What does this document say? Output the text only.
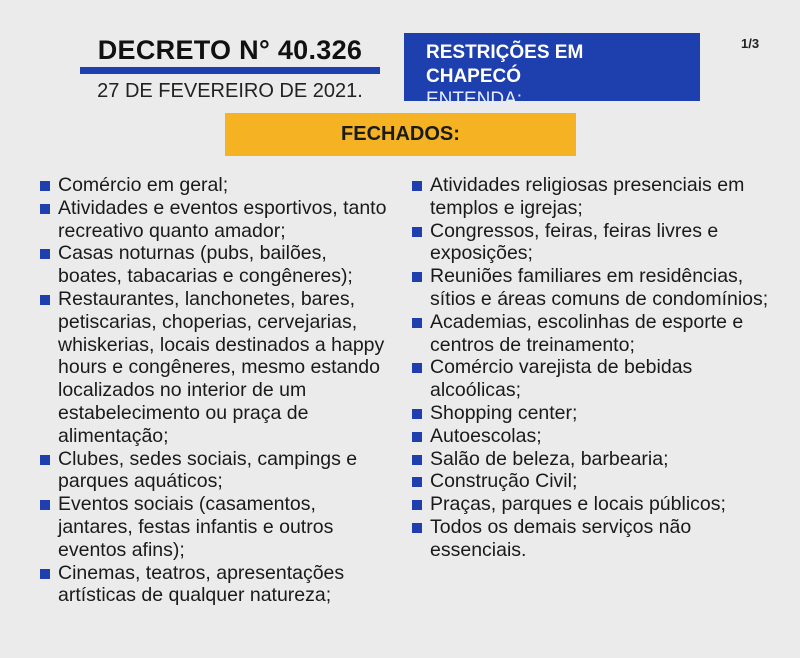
DECRETO N° 40.326
27 DE FEVEREIRO DE 2021.
RESTRIÇÕES EM CHAPECÓ
ENTENDA:
1/3
FECHADOS:
Comércio em geral;
Atividades e eventos esportivos, tanto recreativo quanto amador;
Casas noturnas (pubs, bailões, boates, tabacarias e congêneres);
Restaurantes, lanchonetes, bares, petiscarias, choperias, cervejarias, whiskerias, locais destinados a happy hours e congêneres, mesmo estando localizados no interior de um estabelecimento ou praça de alimentação;
Clubes, sedes sociais, campings e parques aquáticos;
Eventos sociais (casamentos, jantares, festas infantis e outros eventos afins);
Cinemas, teatros, apresentações artísticas de qualquer natureza;
Atividades religiosas presenciais em templos e igrejas;
Congressos, feiras, feiras livres e exposições;
Reuniões familiares em residências, sítios e áreas comuns de condomínios;
Academias, escolinhas de esporte e centros de treinamento;
Comércio varejista de bebidas alcoólicas;
Shopping center;
Autoescolas;
Salão de beleza, barbearia;
Construção Civil;
Praças, parques e locais públicos;
Todos os demais serviços não essenciais.
